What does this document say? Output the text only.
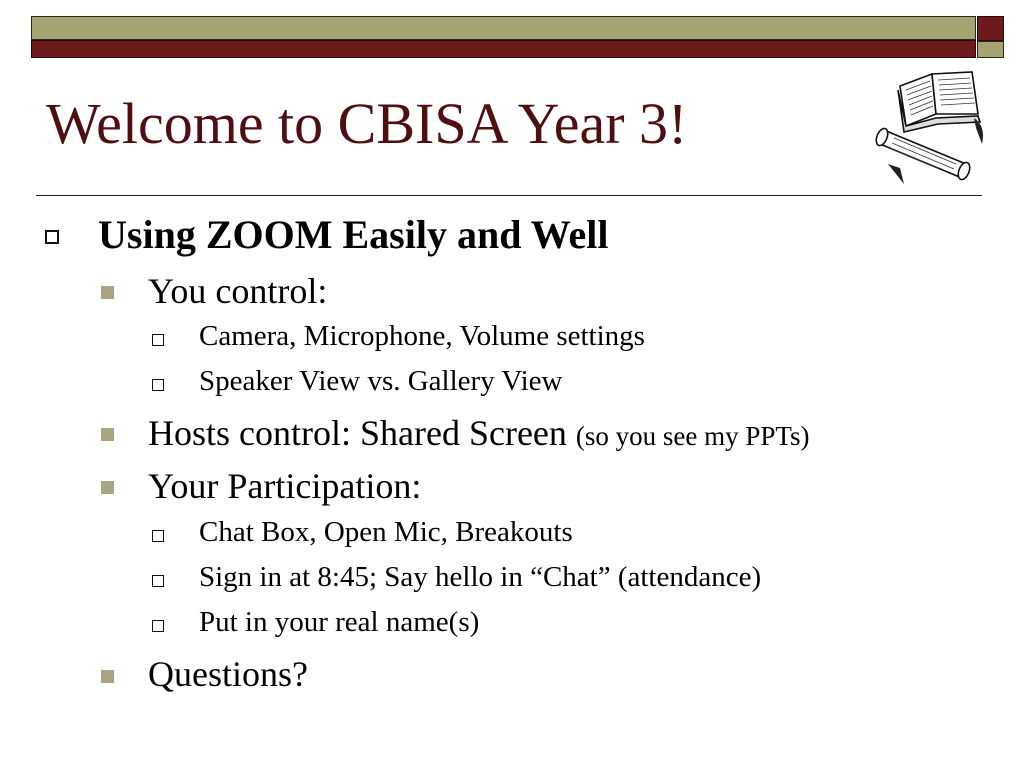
Welcome to CBISA Year 3!
Using ZOOM Easily and Well
You control:
Camera, Microphone, Volume settings
Speaker View vs. Gallery View
Hosts control: Shared Screen (so you see my PPTs)
Your Participation:
Chat Box, Open Mic, Breakouts
Sign in at 8:45; Say hello in “Chat” (attendance)
Put in your real name(s)
Questions?
